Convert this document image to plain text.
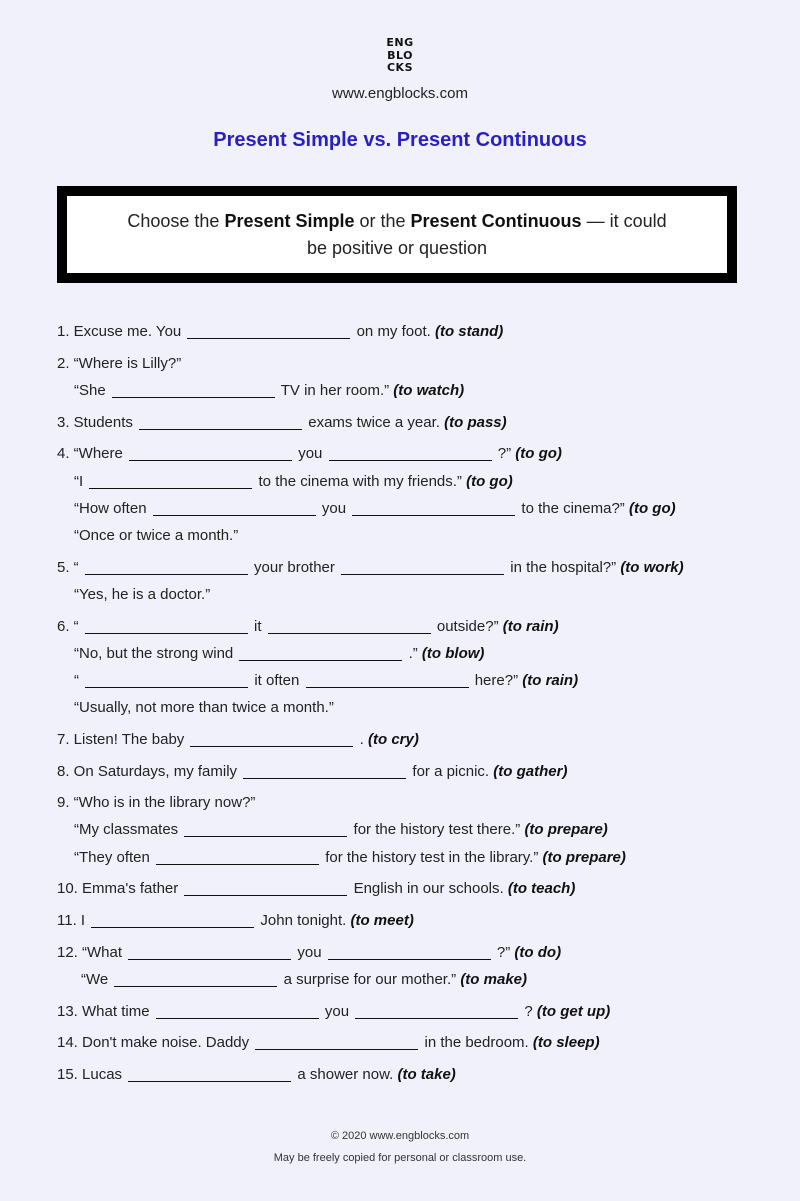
ENG
BLO
CKS
www.engblocks.com
Present Simple vs. Present Continuous
Choose the Present Simple or the Present Continuous — it could be positive or question
1. Excuse me. You	on my foot. (to stand)
2. “Where is Lilly?”
“She	TV in her room.” (to watch)
3. Students	exams twice a year. (to pass)
4. “Where	you	?” (to go)
“I	to the cinema with my friends.” (to go)
“How often	you	to the cinema?” (to go)
“Once or twice a month.”
5. “	your brother	in the hospital?” (to work)
“Yes, he is a doctor.”
6. “	it	outside?” (to rain)
“No, but the strong wind	.” (to blow)
“	it often	here?” (to rain)
“Usually, not more than twice a month.”
7. Listen! The baby	. (to cry)
8. On Saturdays, my family	for a picnic. (to gather)
9. “Who is in the library now?”
“My classmates	for the history test there.” (to prepare)
“They often	for the history test in the library.” (to prepare)
10. Emma's father	English in our schools. (to teach)
11. I	John tonight. (to meet)
12. “What	you	?” (to do)
“We	a surprise for our mother.” (to make)
13. What time	you	? (to get up)
14. Don't make noise. Daddy	in the bedroom. (to sleep)
15. Lucas	a shower now. (to take)
© 2020 www.engblocks.com
May be freely copied for personal or classroom use.
